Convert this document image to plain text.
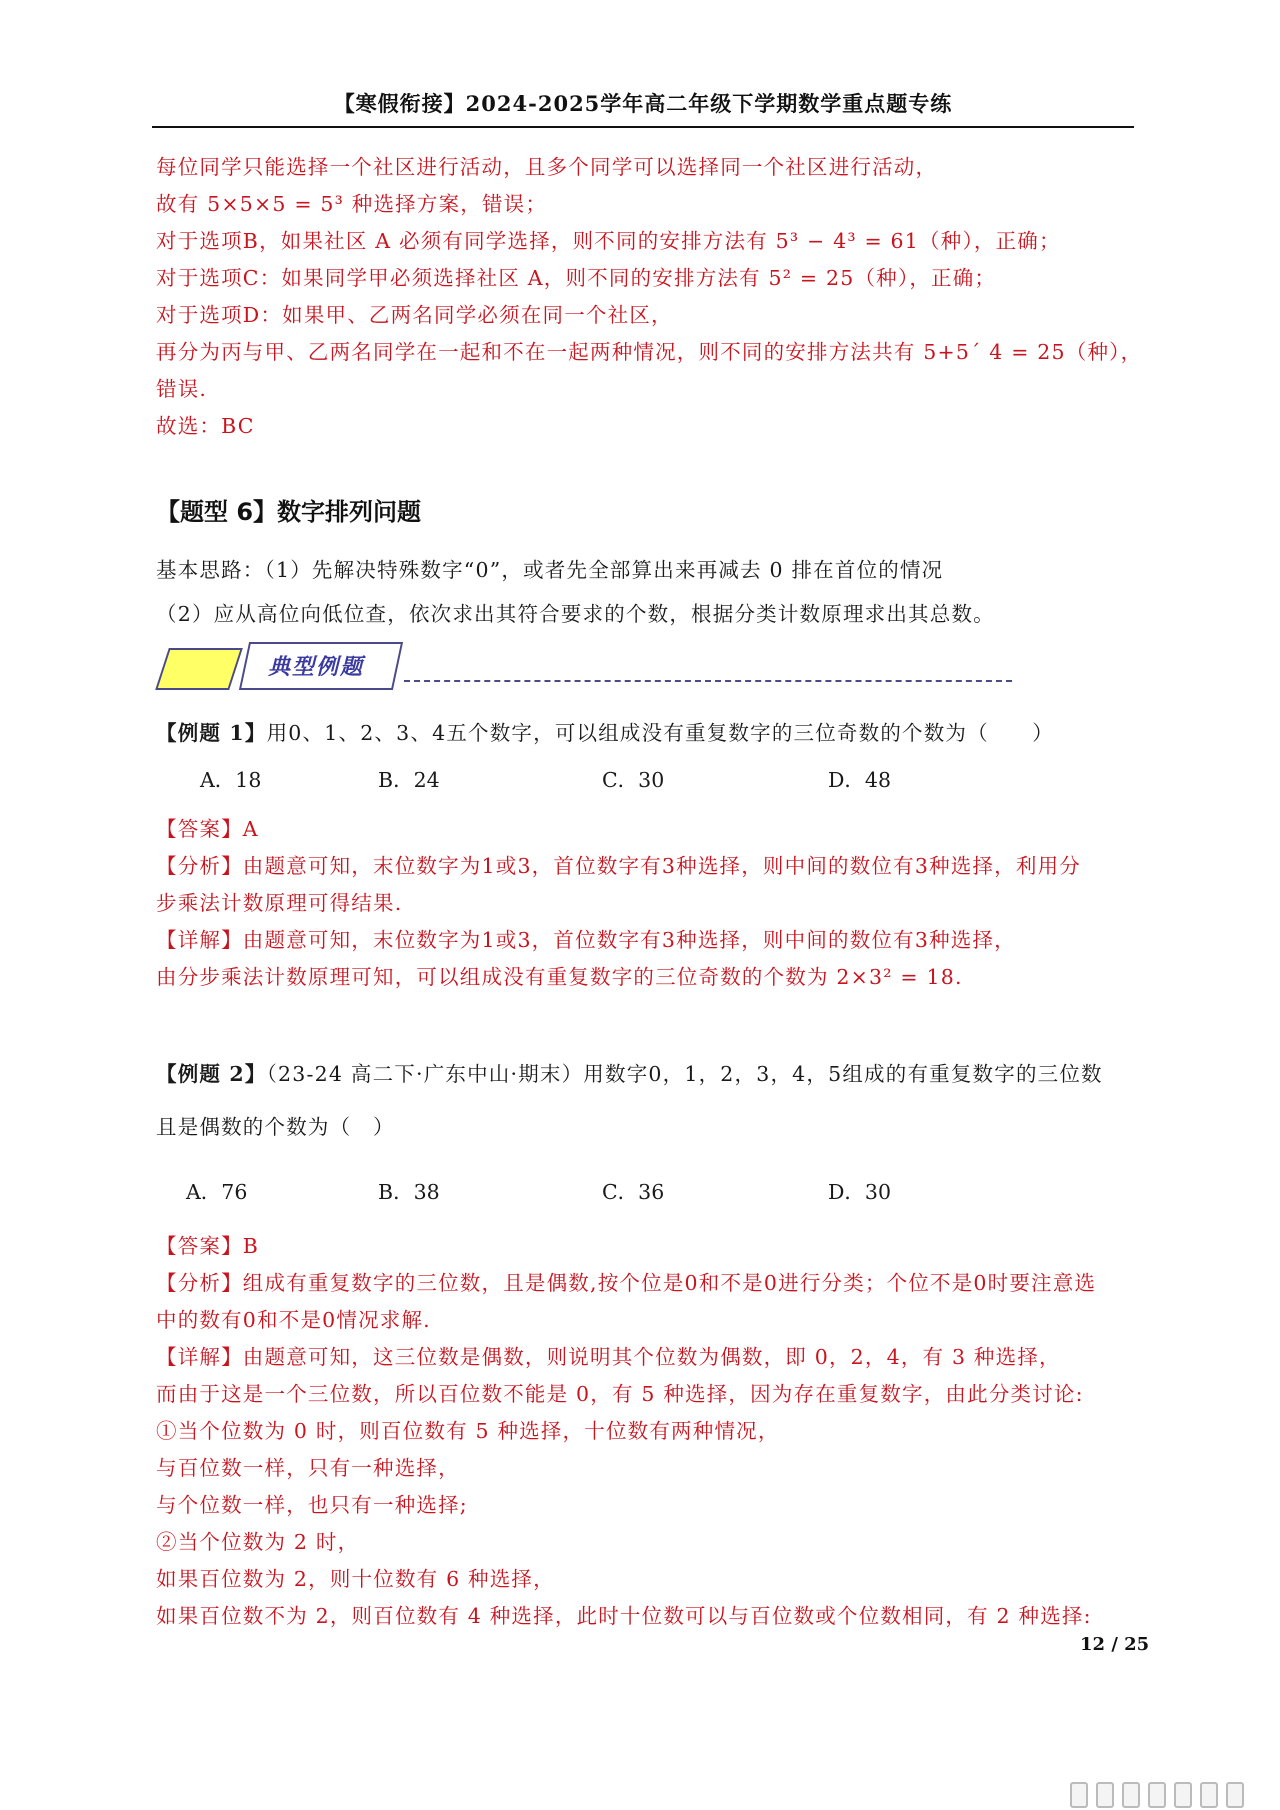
【寒假衔接】2024-2025学年高二年级下学期数学重点题专练
每位同学只能选择一个社区进行活动，且多个同学可以选择同一个社区进行活动，
故有 5×5×5 = 5³ 种选择方案，错误；
对于选项B，如果社区 A 必须有同学选择，则不同的安排方法有 5³ − 4³ = 61（种），正确；
对于选项C：如果同学甲必须选择社区 A，则不同的安排方法有 5² = 25（种），正确；
对于选项D：如果甲、乙两名同学必须在同一个社区，
再分为丙与甲、乙两名同学在一起和不在一起两种情况，则不同的安排方法共有 5+5´ 4 = 25（种），
错误.
故选：BC
【题型 6】数字排列问题
基本思路：（1）先解决特殊数字“0”，或者先全部算出来再减去 0 排在首位的情况
（2）应从高位向低位查，依次求出其符合要求的个数，根据分类计数原理求出其总数。
典型例题
【例题 1】用0、1、2、3、4五个数字，可以组成没有重复数字的三位奇数的个数为（　　）
A．18	B．24	C．30	D．48
【答案】A
【分析】由题意可知，末位数字为1或3，首位数字有3种选择，则中间的数位有3种选择，利用分
步乘法计数原理可得结果.
【详解】由题意可知，末位数字为1或3，首位数字有3种选择，则中间的数位有3种选择，
由分步乘法计数原理可知，可以组成没有重复数字的三位奇数的个数为 2×3² = 18.
【例题 2】（23-24 高二下·广东中山·期末）用数字0，1，2，3，4，5组成的有重复数字的三位数
且是偶数的个数为（　）
A．76	B．38	C．36	D．30
【答案】B
【分析】组成有重复数字的三位数，且是偶数,按个位是0和不是0进行分类；个位不是0时要注意选
中的数有0和不是0情况求解.
【详解】由题意可知，这三位数是偶数，则说明其个位数为偶数，即 0，2，4，有 3 种选择，
而由于这是一个三位数，所以百位数不能是 0，有 5 种选择，因为存在重复数字，由此分类讨论:
①当个位数为 0 时，则百位数有 5 种选择，十位数有两种情况，
与百位数一样，只有一种选择，
与个位数一样，也只有一种选择;
②当个位数为 2 时，
如果百位数为 2，则十位数有 6 种选择，
如果百位数不为 2，则百位数有 4 种选择，此时十位数可以与百位数或个位数相同，有 2 种选择:
12 / 25
